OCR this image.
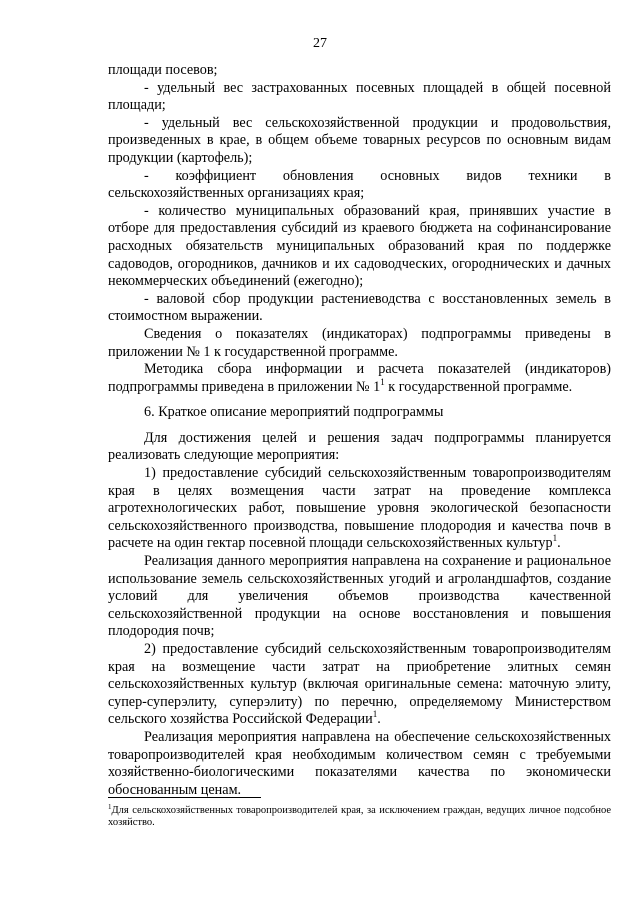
27

площади посевов;

- удельный вес застрахованных посевных площадей в общей посевной площади;

- удельный вес сельскохозяйственной продукции и продовольствия, произведенных в крае, в общем объеме товарных ресурсов по основным видам продукции (картофель);

- коэффициент обновления основных видов техники в сельскохозяйственных организациях края;

- количество муниципальных образований края, принявших участие в отборе для предоставления субсидий из краевого бюджета на софинансирование расходных обязательств муниципальных образований края по поддержке садоводов, огородников, дачников и их садоводческих, огороднических и дачных некоммерческих объединений (ежегодно);

- валовой сбор продукции растениеводства с восстановленных земель в стоимостном выражении.

Сведения о показателях (индикаторах) подпрограммы приведены в приложении № 1 к государственной программе.

Методика сбора информации и расчета показателей (индикаторов) подпрограммы приведена в приложении № $1^1$ к государственной программе.

6. Краткое описание мероприятий подпрограммы

Для достижения целей и решения задач подпрограммы планируется реализовать следующие мероприятия:

1) предоставление субсидий сельскохозяйственным товаропроизводителям края в целях возмещения части затрат на проведение комплекса агротехнологических работ, повышение уровня экологической безопасности сельскохозяйственного производства, повышение плодородия и качества почв в расчете на один гектар посевной площади сельскохозяйственных культур$^1$.

Реализация данного мероприятия направлена на сохранение и рациональное использование земель сельскохозяйственных угодий и агроландшафтов, создание условий для увеличения объемов производства качественной сельскохозяйственной продукции на основе восстановления и повышения плодородия почв;

2) предоставление субсидий сельскохозяйственным товаропроизводителям края на возмещение части затрат на приобретение элитных семян сельскохозяйственных культур (включая оригинальные семена: маточную элиту, супер-суперэлиту, суперэлиту) по перечню, определяемому Министерством сельского хозяйства Российской Федерации$^1$.

Реализация мероприятия направлена на обеспечение сельскохозяйственных товаропроизводителей края необходимым количеством семян с требуемыми хозяйственно-биологическими показателями качества по экономически обоснованным ценам.

$^1$Для сельскохозяйственных товаропроизводителей края, за исключением граждан, ведущих личное подсобное хозяйство.
